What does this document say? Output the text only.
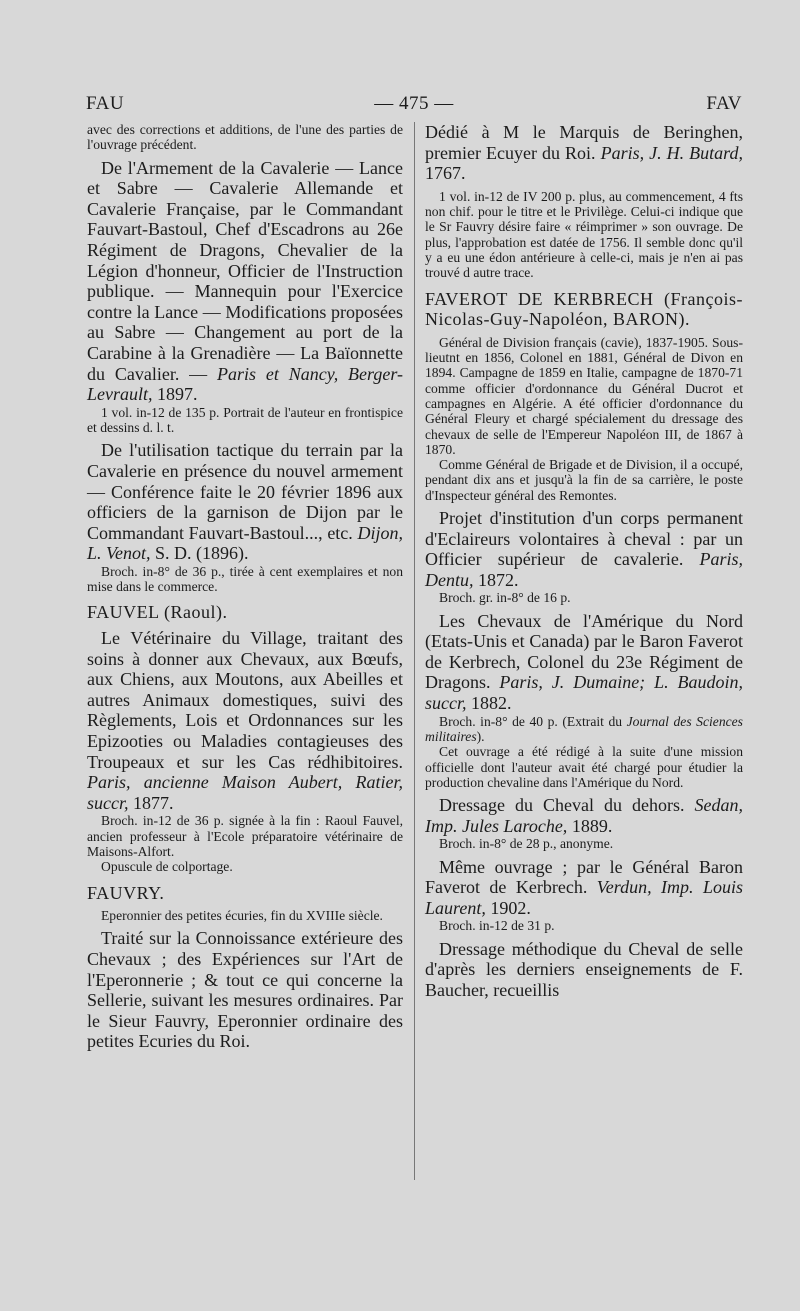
FAU	— 475 —	FAV

avec des corrections et additions, de l'une des parties de l'ouvrage précédent.

De l'Armement de la Cavalerie — Lance et Sabre — Cavalerie Allemande et Cavalerie Française, par le Commandant Fauvart-Bastoul, Chef d'Escadrons au 26e Régiment de Dragons, Chevalier de la Légion d'honneur, Officier de l'Instruction publique. — Mannequin pour l'Exercice contre la Lance — Modifications proposées au Sabre — Changement au port de la Carabine à la Grenadière — La Baïonnette du Cavalier. — Paris et Nancy, Berger-Levrault, 1897.

1 vol. in-12 de 135 p. Portrait de l'auteur en frontispice et dessins d. l. t.

De l'utilisation tactique du terrain par la Cavalerie en présence du nouvel armement — Conférence faite le 20 février 1896 aux officiers de la garnison de Dijon par le Commandant Fauvart-Bastoul..., etc. Dijon, L. Venot, S. D. (1896).

Broch. in-8° de 36 p., tirée à cent exemplaires et non mise dans le commerce.

FAUVEL (Raoul).

Le Vétérinaire du Village, traitant des soins à donner aux Chevaux, aux Bœufs, aux Chiens, aux Moutons, aux Abeilles et autres Animaux domestiques, suivi des Règlements, Lois et Ordonnances sur les Epizooties ou Maladies contagieuses des Troupeaux et sur les Cas rédhibitoires. Paris, ancienne Maison Aubert, Ratier, succr, 1877.

Broch. in-12 de 36 p. signée à la fin : Raoul Fauvel, ancien professeur à l'Ecole préparatoire vétérinaire de Maisons-Alfort.

Opuscule de colportage.

FAUVRY.

Eperonnier des petites écuries, fin du XVIIIe siècle.

Traité sur la Connoissance extérieure des Chevaux ; des Expériences sur l'Art de l'Eperonnerie ; & tout ce qui concerne la Sellerie, suivant les mesures ordinaires. Par le Sieur Fauvry, Eperonnier ordinaire des petites Ecuries du Roi.

Dédié à M le Marquis de Beringhen, premier Ecuyer du Roi. Paris, J. H. Butard, 1767.

1 vol. in-12 de IV 200 p. plus, au commencement, 4 fts non chif. pour le titre et le Privilège. Celui-ci indique que le Sr Fauvry désire faire « réimprimer » son ouvrage. De plus, l'approbation est datée de 1756. Il semble donc qu'il y a eu une édon antérieure à celle-ci, mais je n'en ai pas trouvé d autre trace.

FAVEROT DE KERBRECH (François-Nicolas-Guy-Napoléon, BARON).

Général de Division français (cavie), 1837-1905. Sous-lieutnt en 1856, Colonel en 1881, Général de Divon en 1894. Campagne de 1859 en Italie, campagne de 1870-71 comme officier d'ordonnance du Général Ducrot et campagnes en Algérie. A été officier d'ordonnance du Général Fleury et chargé spécialement du dressage des chevaux de selle de l'Empereur Napoléon III, de 1867 à 1870.

Comme Général de Brigade et de Division, il a occupé, pendant dix ans et jusqu'à la fin de sa carrière, le poste d'Inspecteur général des Remontes.

Projet d'institution d'un corps permanent d'Eclaireurs volontaires à cheval : par un Officier supérieur de cavalerie. Paris, Dentu, 1872.

Broch. gr. in-8° de 16 p.

Les Chevaux de l'Amérique du Nord (Etats-Unis et Canada) par le Baron Faverot de Kerbrech, Colonel du 23e Régiment de Dragons. Paris, J. Dumaine; L. Baudoin, succr, 1882.

Broch. in-8° de 40 p. (Extrait du Journal des Sciences militaires).

Cet ouvrage a été rédigé à la suite d'une mission officielle dont l'auteur avait été chargé pour étudier la production chevaline dans l'Amérique du Nord.

Dressage du Cheval du dehors. Sedan, Imp. Jules Laroche, 1889.

Broch. in-8° de 28 p., anonyme.

Même ouvrage ; par le Général Baron Faverot de Kerbrech. Verdun, Imp. Louis Laurent, 1902.

Broch. in-12 de 31 p.

Dressage méthodique du Cheval de selle d'après les derniers enseignements de F. Baucher, recueillis
